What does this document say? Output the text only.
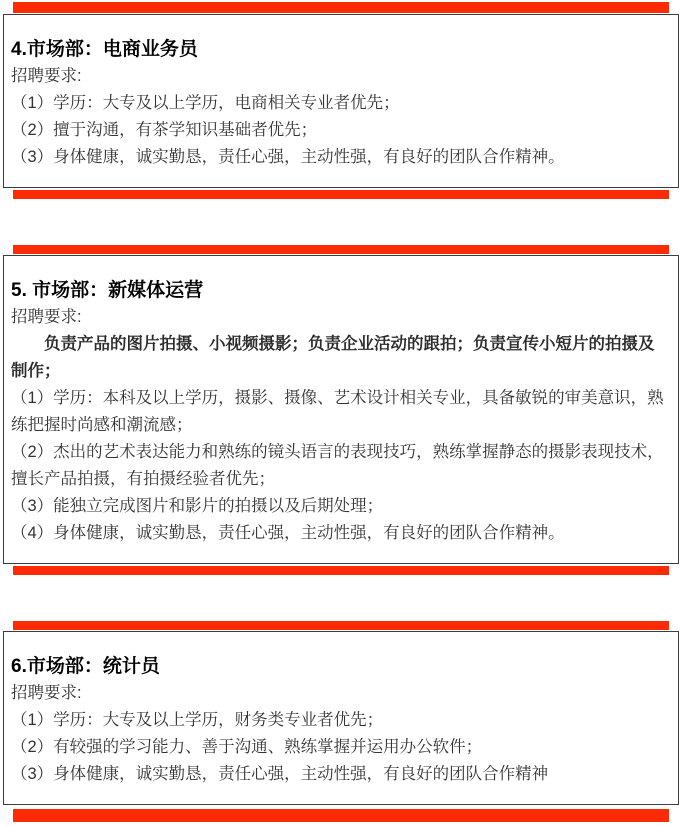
4.市场部：电商业务员

招聘要求:

（1）学历：大专及以上学历，电商相关专业者优先；

（2）擅于沟通，有茶学知识基础者优先；

（3）身体健康，诚实勤恳，责任心强，主动性强，有良好的团队合作精神。

5. 市场部：新媒体运营

招聘要求:

负责产品的图片拍摄、小视频摄影；负责企业活动的跟拍；负责宣传小短片的拍摄及制作；

（1）学历：本科及以上学历，摄影、摄像、艺术设计相关专业，具备敏锐的审美意识，熟练把握时尚感和潮流感；

（2）杰出的艺术表达能力和熟练的镜头语言的表现技巧，熟练掌握静态的摄影表现技术，擅长产品拍摄，有拍摄经验者优先；

（3）能独立完成图片和影片的拍摄以及后期处理；

（4）身体健康，诚实勤恳，责任心强，主动性强，有良好的团队合作精神。

6.市场部：统计员

招聘要求:

（1）学历：大专及以上学历，财务类专业者优先；

（2）有较强的学习能力、善于沟通、熟练掌握并运用办公软件；

（3）身体健康，诚实勤恳，责任心强，主动性强，有良好的团队合作精神
